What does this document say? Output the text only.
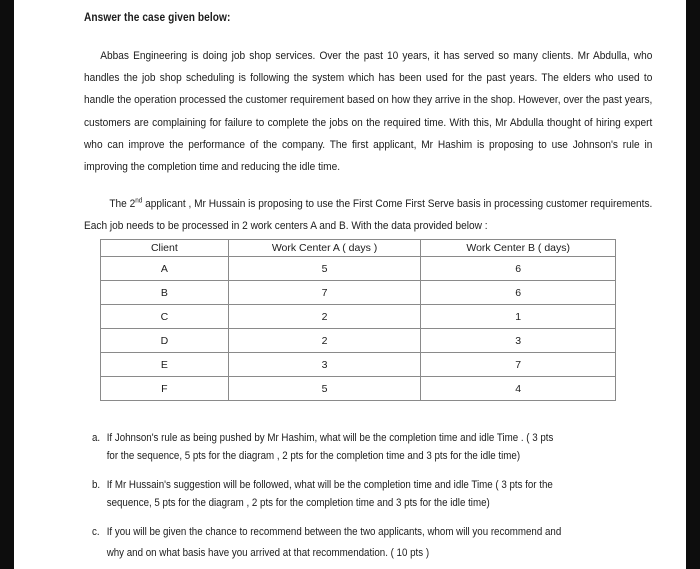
Answer the case given below:
Abbas Engineering is doing job shop services. Over the past 10 years, it has served so many clients. Mr Abdulla, who handles the job shop scheduling is following the system which has been used for the past years. The elders who used to handle the operation processed the customer requirement based on how they arrive in the shop. However, over the past years, customers are complaining for failure to complete the jobs on the required time. With this, Mr Abdulla thought of hiring expert who can improve the performance of the company. The first applicant, Mr Hashim is proposing to use Johnson's rule in improving the completion time and reducing the idle time.
The 2nd applicant , Mr Hussain is proposing to use the First Come First Serve basis in processing customer requirements. Each job needs to be processed in 2 work centers A and B. With the data provided below :
Client	Work Center A ( days )	Work Center B ( days)
A	5	6
B	7	6
C	2	1
D	2	3
E	3	7
F	5	4
a. If Johnson's rule as being pushed by Mr Hashim, what will be the completion time and idle Time . ( 3 pts
for the sequence, 5 pts for the diagram , 2 pts for the completion time and 3 pts for the idle time)
b. If Mr Hussain's suggestion will be followed, what will be the completion time and idle Time ( 3 pts for the
sequence, 5 pts for the diagram , 2 pts for the completion time and 3 pts for the idle time)
c. If you will be given the chance to recommend between the two applicants, whom will you recommend and
why and on what basis have you arrived at that recommendation. ( 10 pts )
